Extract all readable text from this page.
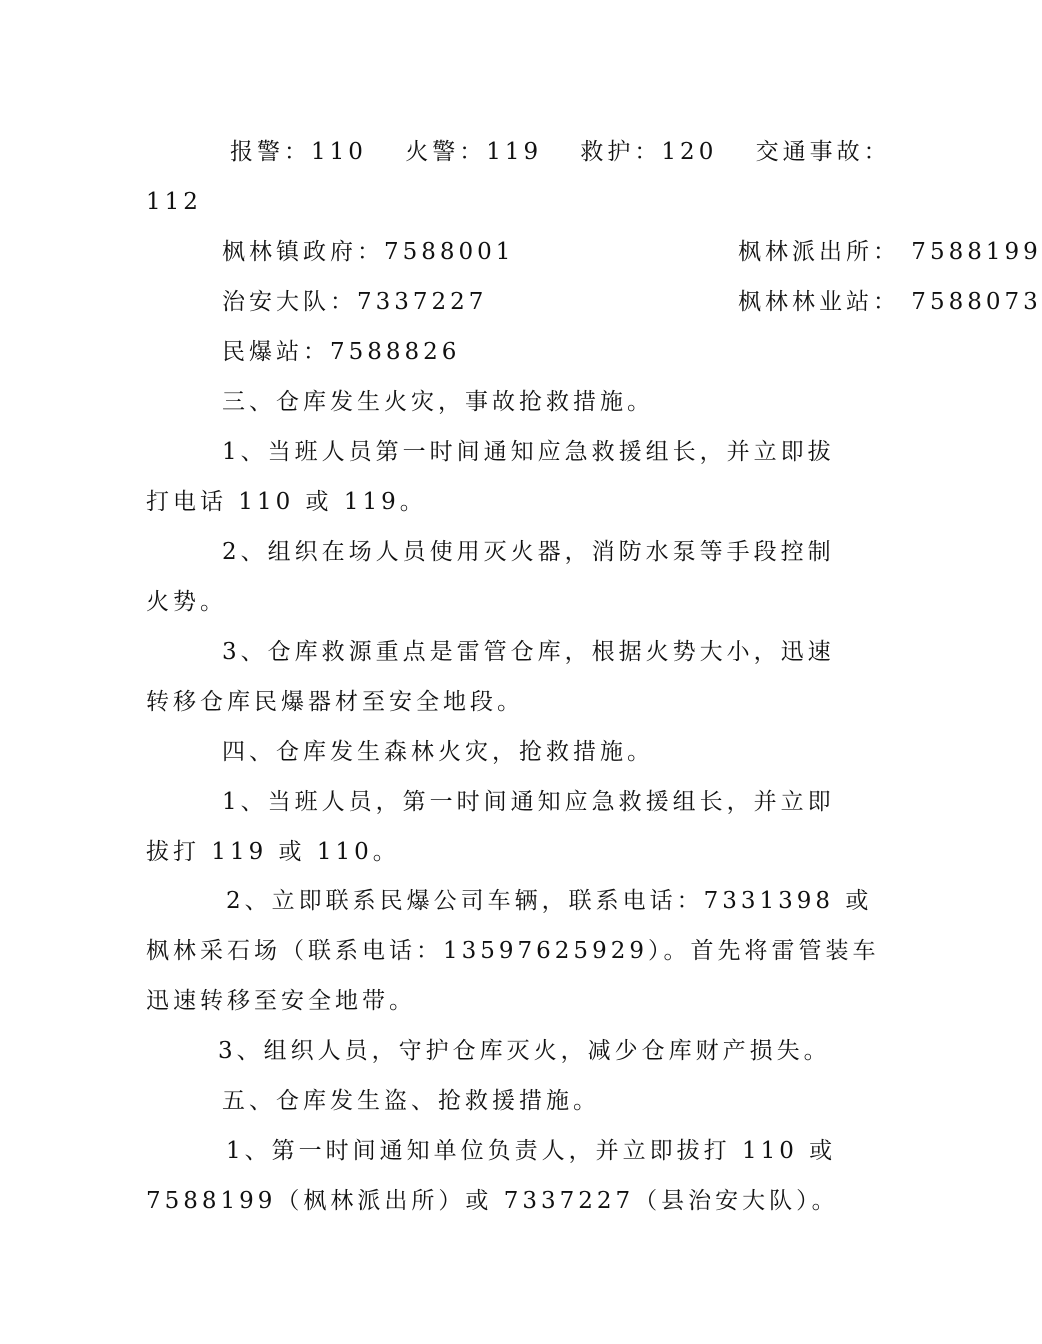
报警：110　 火警：119　 救护：120　 交通事故：
112
枫林镇政府：7588001	枫林派出所： 7588199
治安大队：7337227	枫林林业站： 7588073
民爆站：7588826
三、仓库发生火灾，事故抢救措施。
1、当班人员第一时间通知应急救援组长，并立即拔
打电话 110 或 119。
2、组织在场人员使用灭火器，消防水泵等手段控制
火势。
3、仓库救源重点是雷管仓库，根据火势大小，迅速
转移仓库民爆器材至安全地段。
四、仓库发生森林火灾，抢救措施。
1、当班人员，第一时间通知应急救援组长，并立即
拔打 119 或 110。
2、立即联系民爆公司车辆，联系电话：7331398 或
枫林采石场（联系电话：13597625929）。首先将雷管装车
迅速转移至安全地带。
3、组织人员，守护仓库灭火，减少仓库财产损失。
五、仓库发生盗、抢救援措施。
1、第一时间通知单位负责人，并立即拔打 110 或
7588199（枫林派出所）或 7337227（县治安大队）。
